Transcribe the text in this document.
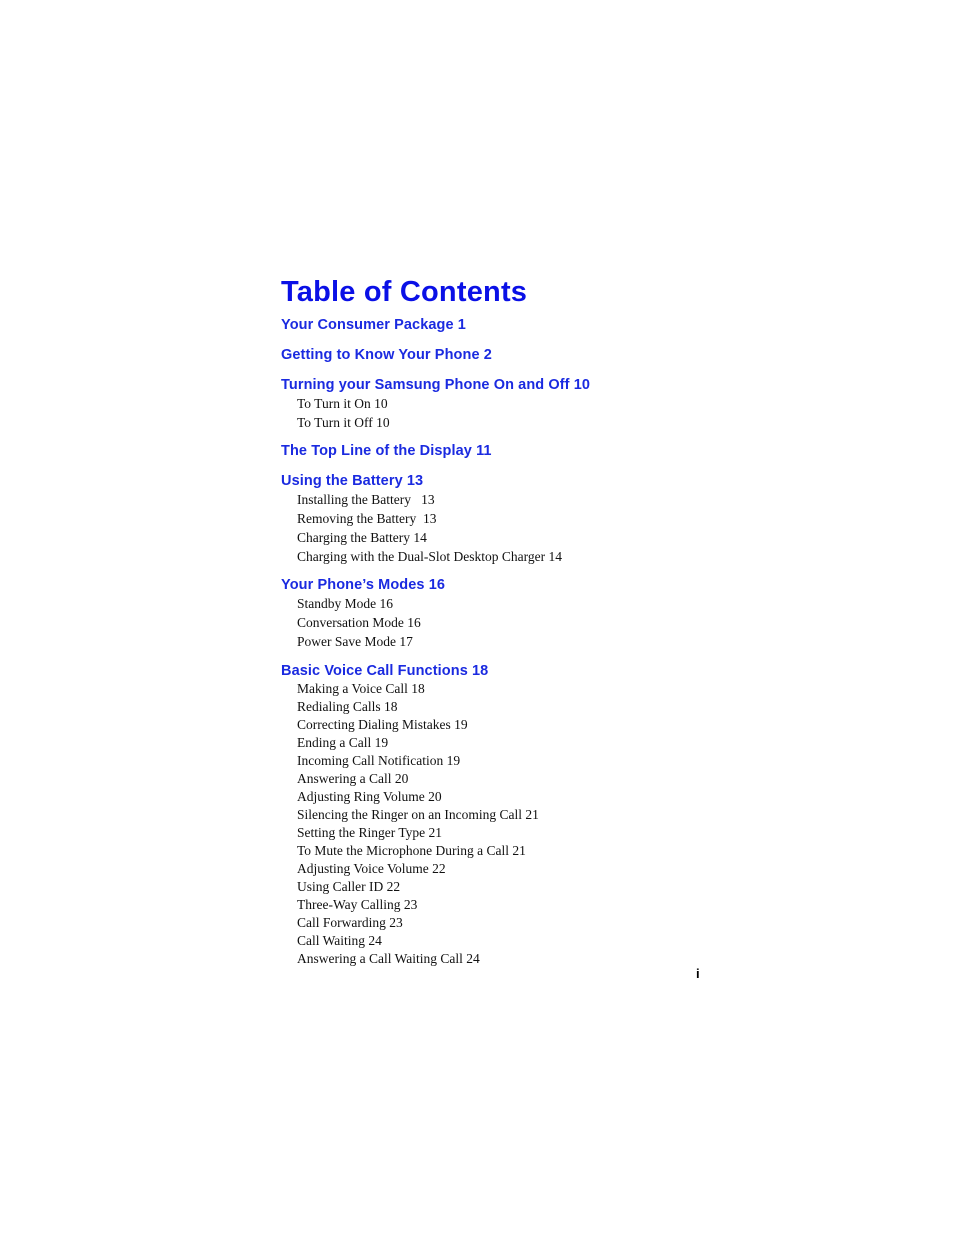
Table of Contents
Your Consumer Package 1
Getting to Know Your Phone 2
Turning your Samsung Phone On and Off 10
To Turn it On 10
To Turn it Off 10
The Top Line of the Display 11
Using the Battery 13
Installing the Battery   13
Removing the Battery  13
Charging the Battery 14
Charging with the Dual-Slot Desktop Charger 14
Your Phone’s Modes 16
Standby Mode 16
Conversation Mode 16
Power Save Mode 17
Basic Voice Call Functions 18
Making a Voice Call 18
Redialing Calls 18
Correcting Dialing Mistakes 19
Ending a Call 19
Incoming Call Notification 19
Answering a Call 20
Adjusting Ring Volume 20
Silencing the Ringer on an Incoming Call 21
Setting the Ringer Type 21
To Mute the Microphone During a Call 21
Adjusting Voice Volume 22
Using Caller ID 22
Three-Way Calling 23
Call Forwarding 23
Call Waiting 24
Answering a Call Waiting Call 24
i
